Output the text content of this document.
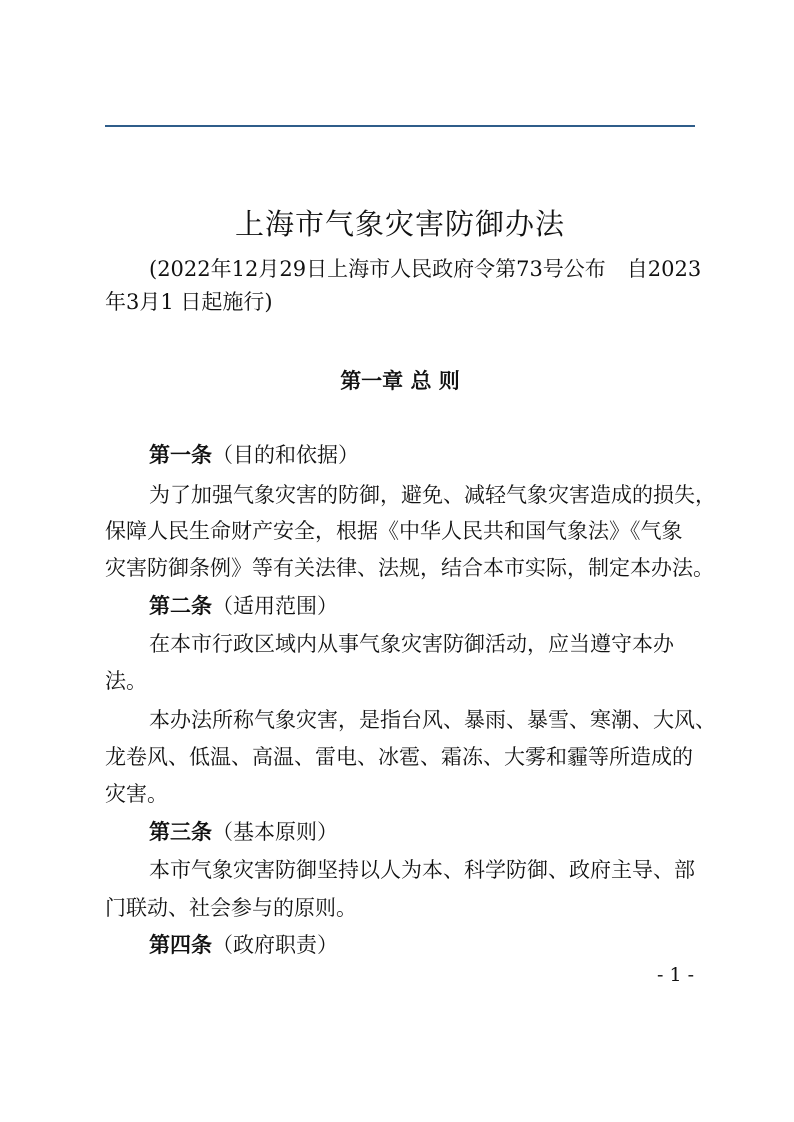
上海市气象灾害防御办法
(2022年12月29日上海市人民政府令第73号公布　自2023
年3月1 日起施行)
第一章 总 则
第一条（目的和依据）
为了加强气象灾害的防御，避免、减轻气象灾害造成的损失，
保障人民生命财产安全，根据《中华人民共和国气象法》《气象
灾害防御条例》等有关法律、法规，结合本市实际，制定本办法。
第二条（适用范围）
在本市行政区域内从事气象灾害防御活动，应当遵守本办
法。
本办法所称气象灾害，是指台风、暴雨、暴雪、寒潮、大风、
龙卷风、低温、高温、雷电、冰雹、霜冻、大雾和霾等所造成的
灾害。
第三条（基本原则）
本市气象灾害防御坚持以人为本、科学防御、政府主导、部
门联动、社会参与的原则。
第四条（政府职责）
- 1 -
